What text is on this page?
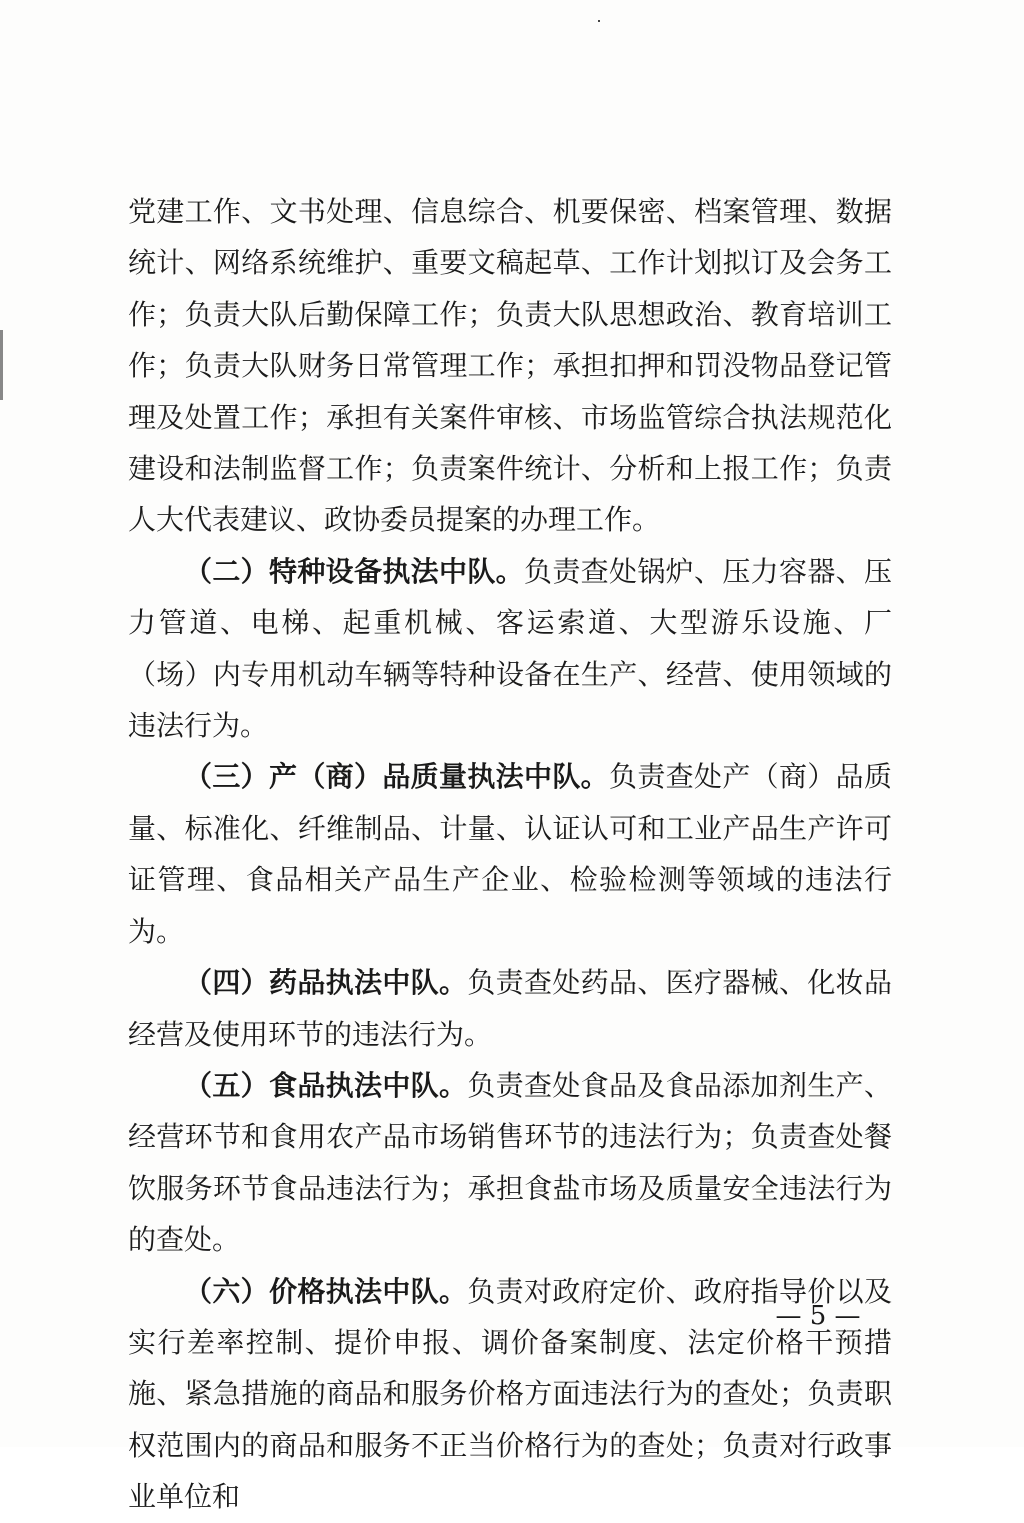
党建工作、文书处理、信息综合、机要保密、档案管理、数据统计、网络系统维护、重要文稿起草、工作计划拟订及会务工作；负责大队后勤保障工作；负责大队思想政治、教育培训工作；负责大队财务日常管理工作；承担扣押和罚没物品登记管理及处置工作；承担有关案件审核、市场监管综合执法规范化建设和法制监督工作；负责案件统计、分析和上报工作；负责人大代表建议、政协委员提案的办理工作。

（二）特种设备执法中队。负责查处锅炉、压力容器、压力管道、电梯、起重机械、客运索道、大型游乐设施、厂（场）内专用机动车辆等特种设备在生产、经营、使用领域的违法行为。

（三）产（商）品质量执法中队。负责查处产（商）品质量、标准化、纤维制品、计量、认证认可和工业产品生产许可证管理、食品相关产品生产企业、检验检测等领域的违法行为。

（四）药品执法中队。负责查处药品、医疗器械、化妆品经营及使用环节的违法行为。

（五）食品执法中队。负责查处食品及食品添加剂生产、经营环节和食用农产品市场销售环节的违法行为；负责查处餐饮服务环节食品违法行为；承担食盐市场及质量安全违法行为的查处。

（六）价格执法中队。负责对政府定价、政府指导价以及实行差率控制、提价申报、调价备案制度、法定价格干预措施、紧急措施的商品和服务价格方面违法行为的查处；负责职权范围内的商品和服务不正当价格行为的查处；负责对行政事业单位和

— 5 —
